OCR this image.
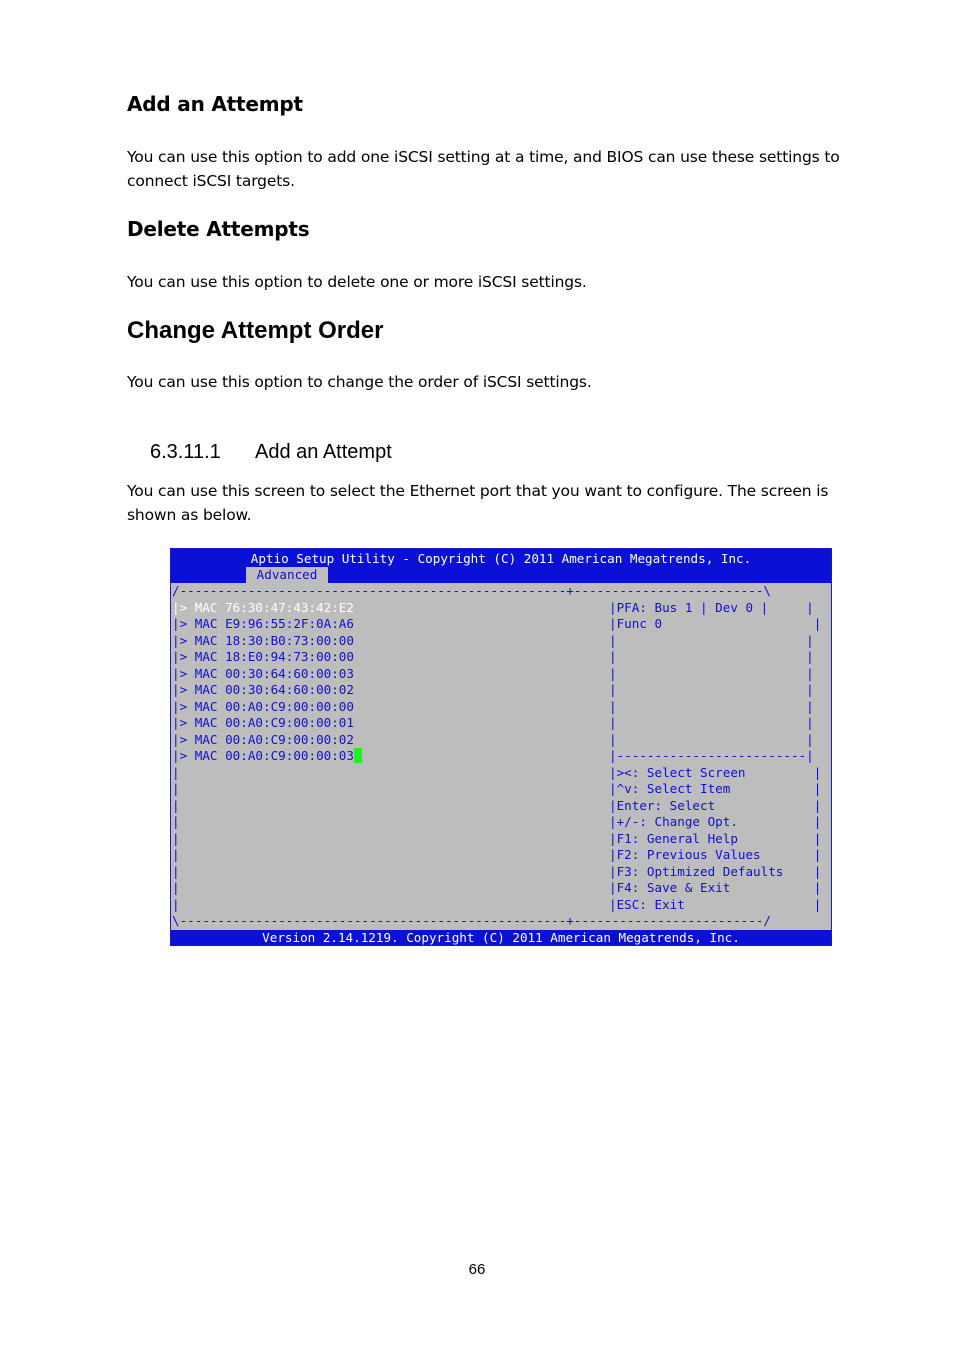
Add an Attempt

You can use this option to add one iSCSI setting at a time, and BIOS can use these settings to connect iSCSI targets.

Delete Attempts

You can use this option to delete one or more iSCSI settings.

Change Attempt Order

You can use this option to change the order of iSCSI settings.

6.3.11.1 Add an Attempt

You can use this screen to select the Ethernet port that you want to configure. The screen is shown as below.

Aptio Setup Utility - Copyright (C) 2011 American Megatrends, Inc.
Advanced
/---------------------------------------------------+-------------------------\
|> MAC 76:30:47:43:42:E2
|> MAC E9:96:55:2F:0A:A6
|> MAC 18:30:B0:73:00:00
|> MAC 18:E0:94:73:00:00
|> MAC 00:30:64:60:00:03
|> MAC 00:30:64:60:00:02
|> MAC 00:A0:C9:00:00:00
|> MAC 00:A0:C9:00:00:01
|> MAC 00:A0:C9:00:00:02
|> MAC 00:A0:C9:00:00:03
|
|
|
|
|
|
|
|
|
|PFA: Bus 1 | Dev 0 |     |
|Func 0                    |
|                         |
|                         |
|                         |
|                         |
|                         |
|                         |
|                         |
|-------------------------|
|><: Select Screen         |
|^v: Select Item           |
|Enter: Select             |
|+/-: Change Opt.          |
|F1: General Help          |
|F2: Previous Values       |
|F3: Optimized Defaults    |
|F4: Save & Exit           |
|ESC: Exit                 |
\---------------------------------------------------+-------------------------/
Version 2.14.1219. Copyright (C) 2011 American Megatrends, Inc.
66
